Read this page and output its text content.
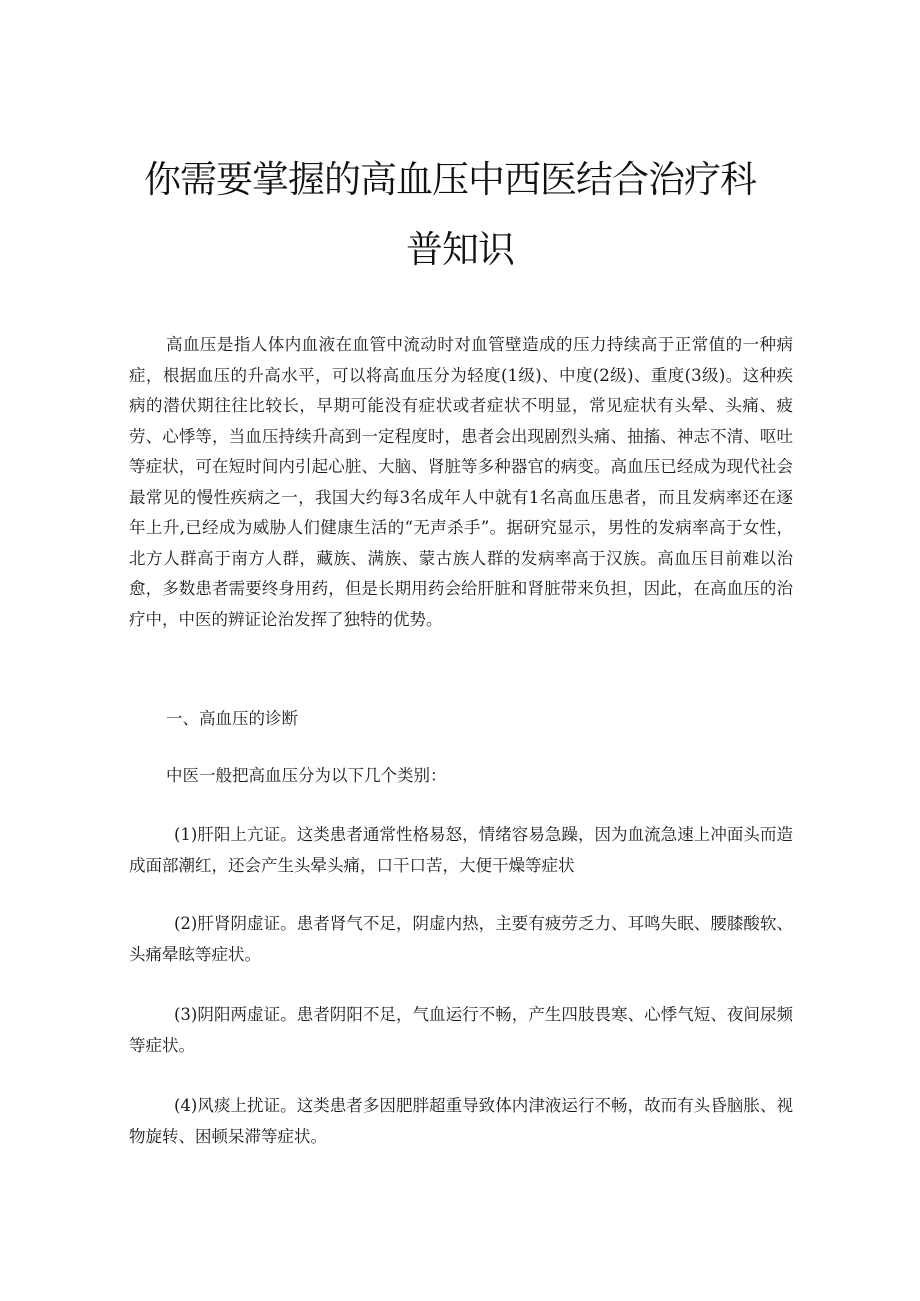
你需要掌握的高血压中西医结合治疗科
普知识

高血压是指人体内血液在血管中流动时对血管壁造成的压力持续高于正常值的一种病症，根据血压的升高水平，可以将高血压分为轻度(1级)、中度(2级)、重度(3级)。这种疾病的潜伏期往往比较长，早期可能没有症状或者症状不明显，常见症状有头晕、头痛、疲劳、心悸等，当血压持续升高到一定程度时，患者会出现剧烈头痛、抽搐、神志不清、呕吐等症状，可在短时间内引起心脏、大脑、肾脏等多种器官的病变。高血压已经成为现代社会最常见的慢性疾病之一，我国大约每3名成年人中就有1名高血压患者，而且发病率还在逐年上升,已经成为威胁人们健康生活的“无声杀手”。据研究显示，男性的发病率高于女性，北方人群高于南方人群，藏族、满族、蒙古族人群的发病率高于汉族。高血压目前难以治愈，多数患者需要终身用药，但是长期用药会给肝脏和肾脏带来负担，因此，在高血压的治疗中，中医的辨证论治发挥了独特的优势。

一、高血压的诊断

中医一般把高血压分为以下几个类别：

(1)肝阳上亢证。这类患者通常性格易怒，情绪容易急躁，因为血流急速上冲面头而造成面部潮红，还会产生头晕头痛，口干口苦，大便干燥等症状

(2)肝肾阴虚证。患者肾气不足，阴虚内热，主要有疲劳乏力、耳鸣失眠、腰膝酸软、头痛晕眩等症状。

(3)阴阳两虚证。患者阴阳不足，气血运行不畅，产生四肢畏寒、心悸气短、夜间尿频等症状。

(4)风痰上扰证。这类患者多因肥胖超重导致体内津液运行不畅，故而有头昏脑胀、视物旋转、困顿呆滞等症状。
